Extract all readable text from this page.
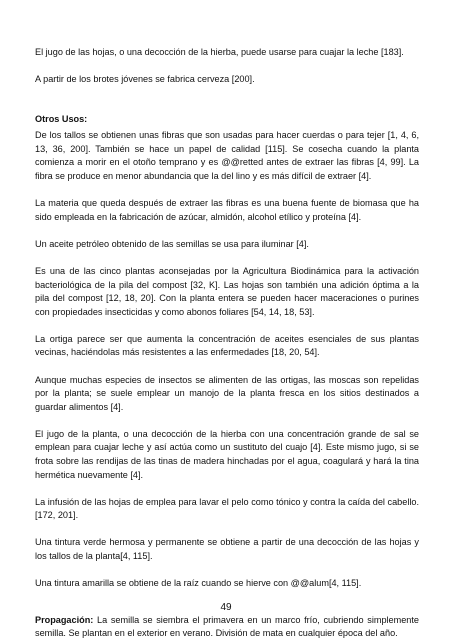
El jugo de las hojas, o una decocción de la hierba, puede usarse para cuajar la leche [183].

A partir de los brotes jóvenes se fabrica cerveza [200].

Otros Usos:

De los tallos se obtienen unas fibras que son usadas para hacer cuerdas o para tejer [1, 4, 6, 13, 36, 200]. También se hace un papel de calidad [115]. Se cosecha cuando la planta comienza a morir en el otoño temprano y es @@retted antes de extraer las fibras [4, 99]. La fibra se produce en menor abundancia que la del lino y es más difícil de extraer [4].

La materia que queda después de extraer las fibras es una buena fuente de biomasa que ha sido empleada en la fabricación de azúcar, almidón, alcohol etílico y proteína [4].

Un aceite petróleo obtenido de las semillas se usa para iluminar [4].

Es una de las cinco plantas aconsejadas por la Agricultura Biodinámica para la activación bacteriológica de la pila del compost [32, K]. Las hojas son también una adición óptima a la pila del compost [12, 18, 20]. Con la planta entera se pueden hacer maceraciones o purines con propiedades insecticidas y como abonos foliares [54, 14, 18, 53].

La ortiga parece ser que aumenta la concentración de aceites esenciales de sus plantas vecinas, haciéndolas más resistentes a las enfermedades [18, 20, 54].

Aunque muchas especies de insectos se alimenten de las ortigas, las moscas son repelidas por la planta; se suele emplear un manojo de la planta fresca en los sitios destinados a guardar alimentos [4].

El jugo de la planta, o una decocción de la hierba con una concentración grande de sal se emplean para cuajar leche y así actúa como un sustituto del cuajo [4]. Este mismo jugo, si se frota sobre las rendijas de las tinas de madera hinchadas por el agua, coagulará y hará la tina hermética nuevamente [4].

La infusión de las hojas de emplea para lavar el pelo como tónico y contra la caída del cabello. [172, 201].

Una tintura verde hermosa y permanente se obtiene a partir de una decocción de las hojas y los tallos de la planta[4, 115].

Una tintura amarilla se obtiene de la raíz cuando se hierve con @@alum[4, 115].

Propagación: La semilla se siembra el primavera en un marco frío, cubriendo simplemente semilla. Se plantan en el exterior en verano. División de mata en cualquier época del año.

49
